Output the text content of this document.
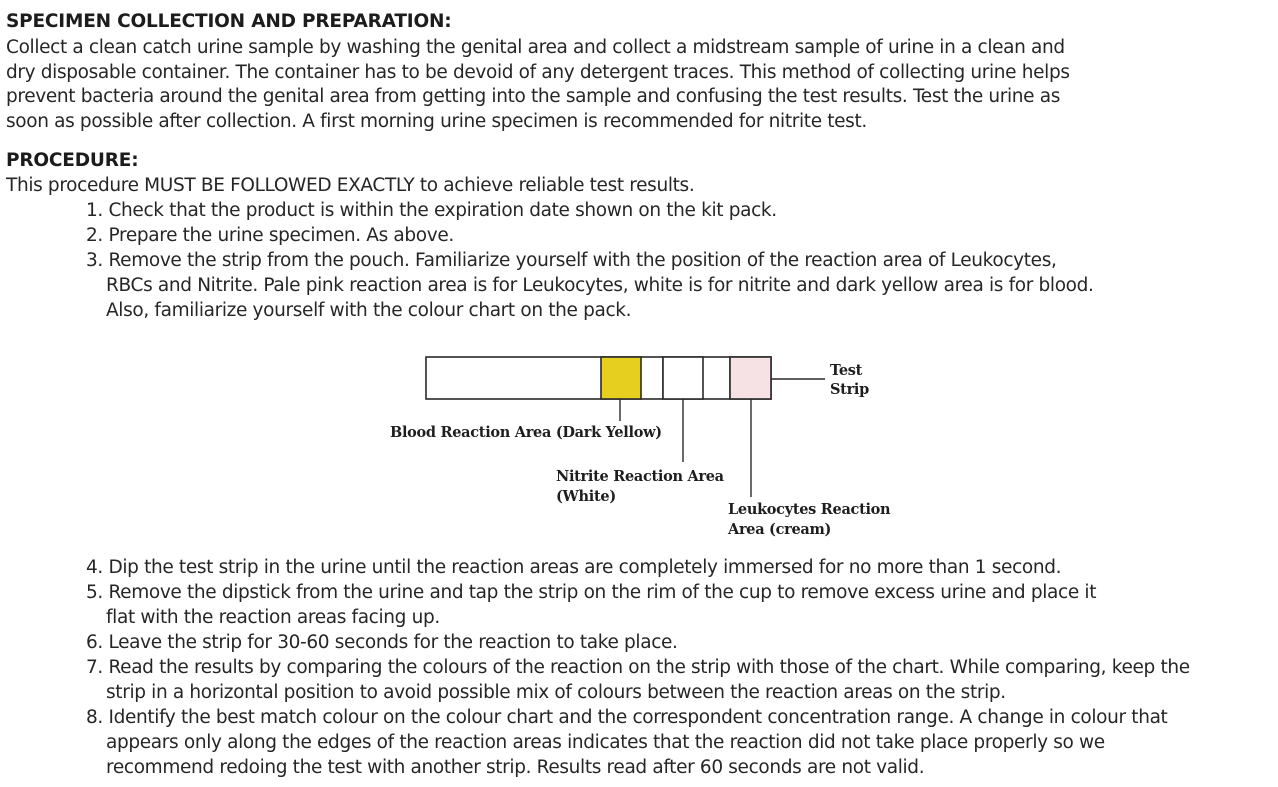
SPECIMEN COLLECTION AND PREPARATION:
Collect a clean catch urine sample by washing the genital area and collect a midstream sample of urine in a clean and
dry disposable container. The container has to be devoid of any detergent traces. This method of collecting urine helps
prevent bacteria around the genital area from getting into the sample and confusing the test results. Test the urine as
soon as possible after collection. A first morning urine specimen is recommended for nitrite test.
PROCEDURE:
This procedure MUST BE FOLLOWED EXACTLY to achieve reliable test results.
1. Check that the product is within the expiration date shown on the kit pack.
2. Prepare the urine specimen. As above.
3. Remove the strip from the pouch. Familiarize yourself with the position of the reaction area of Leukocytes,
RBCs and Nitrite. Pale pink reaction area is for Leukocytes, white is for nitrite and dark yellow area is for blood.
Also, familiarize yourself with the colour chart on the pack.
Test
Strip
Blood Reaction Area (Dark Yellow)
Nitrite Reaction Area
(White)
Leukocytes Reaction
Area (cream)
4. Dip the test strip in the urine until the reaction areas are completely immersed for no more than 1 second.
5. Remove the dipstick from the urine and tap the strip on the rim of the cup to remove excess urine and place it
flat with the reaction areas facing up.
6. Leave the strip for 30-60 seconds for the reaction to take place.
7. Read the results by comparing the colours of the reaction on the strip with those of the chart. While comparing, keep the
strip in a horizontal position to avoid possible mix of colours between the reaction areas on the strip.
8. Identify the best match colour on the colour chart and the correspondent concentration range. A change in colour that
appears only along the edges of the reaction areas indicates that the reaction did not take place properly so we
recommend redoing the test with another strip. Results read after 60 seconds are not valid.
